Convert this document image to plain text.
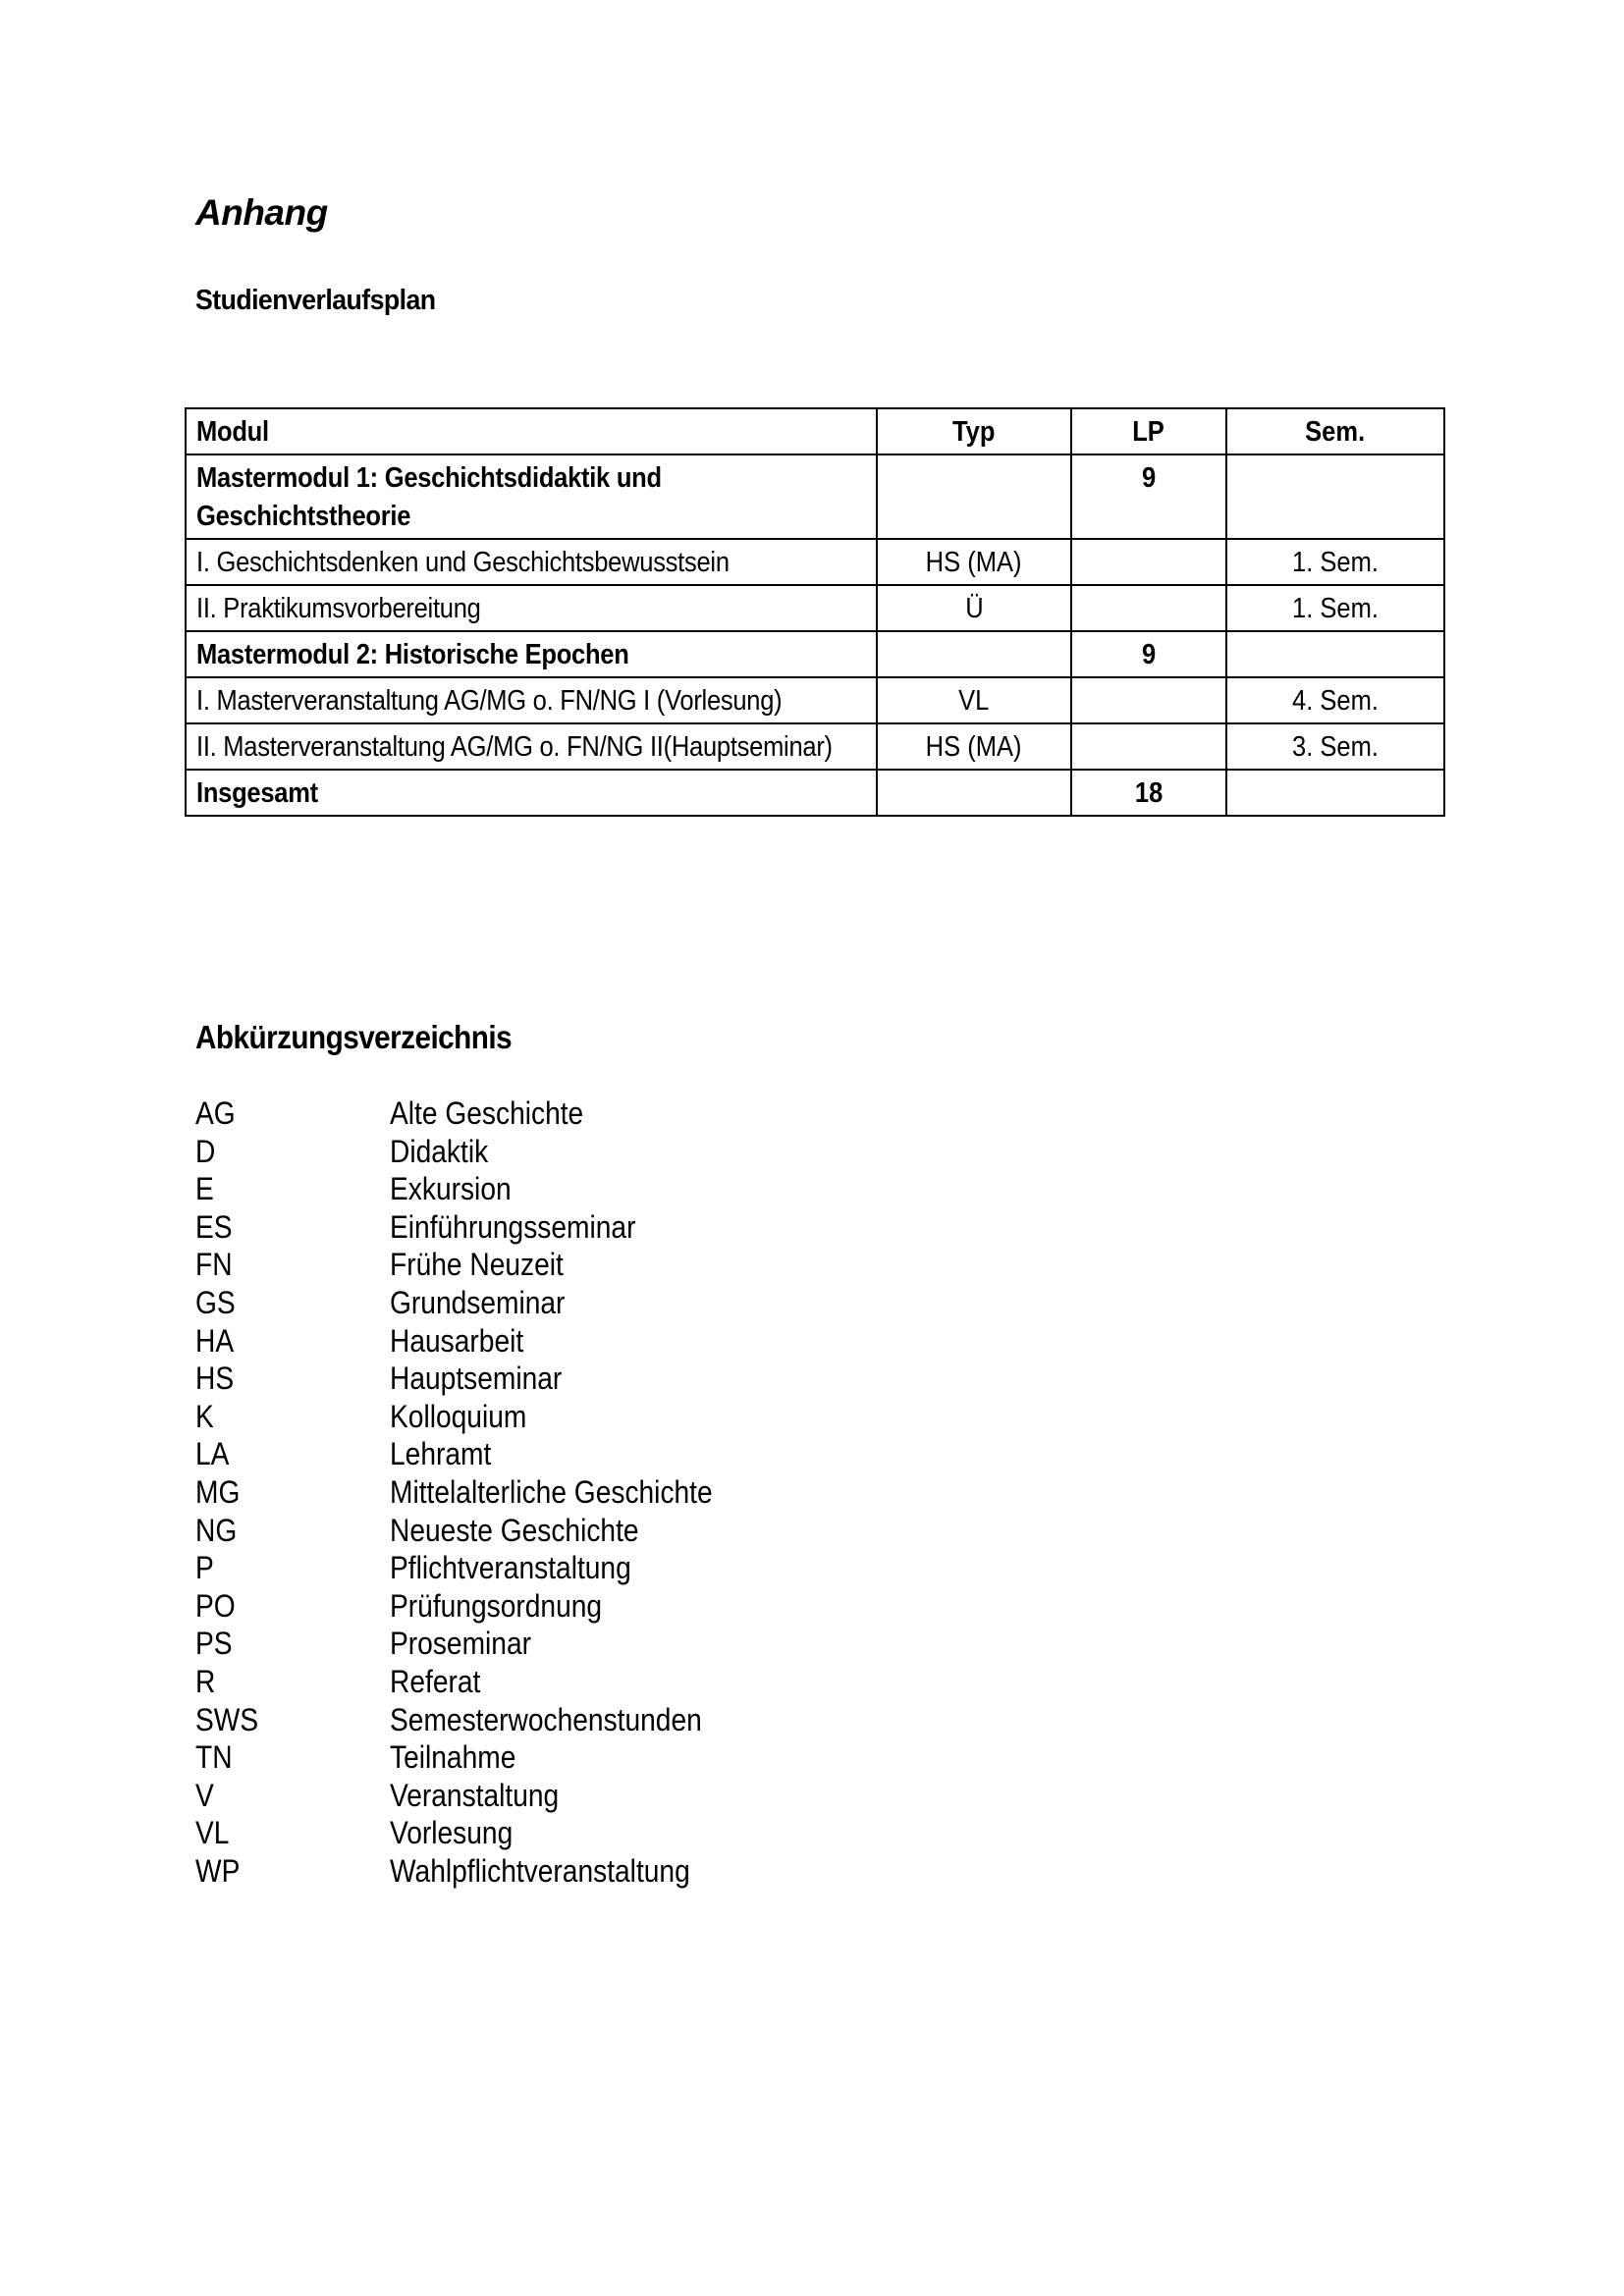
Anhang
Studienverlaufsplan
Modul	Typ	LP	Sem.
Mastermodul 1: Geschichtsdidaktik und Geschichtstheorie		9	
I. Geschichtsdenken und Geschichtsbewusstsein	HS (MA)		1. Sem.
II. Praktikumsvorbereitung	Ü		1. Sem.
Mastermodul 2: Historische Epochen		9	
I. Masterveranstaltung AG/MG o. FN/NG I (Vorlesung)	VL		4. Sem.
II. Masterveranstaltung AG/MG o. FN/NG II(Hauptseminar)	HS (MA)		3. Sem.
Insgesamt		18	
Abkürzungsverzeichnis
AG	Alte Geschichte
D	Didaktik
E	Exkursion
ES	Einführungsseminar
FN	Frühe Neuzeit
GS	Grundseminar
HA	Hausarbeit
HS	Hauptseminar
K	Kolloquium
LA	Lehramt
MG	Mittelalterliche Geschichte
NG	Neueste Geschichte
P	Pflichtveranstaltung
PO	Prüfungsordnung
PS	Proseminar
R	Referat
SWS	Semesterwochenstunden
TN	Teilnahme
V	Veranstaltung
VL	Vorlesung
WP	Wahlpflichtveranstaltung
